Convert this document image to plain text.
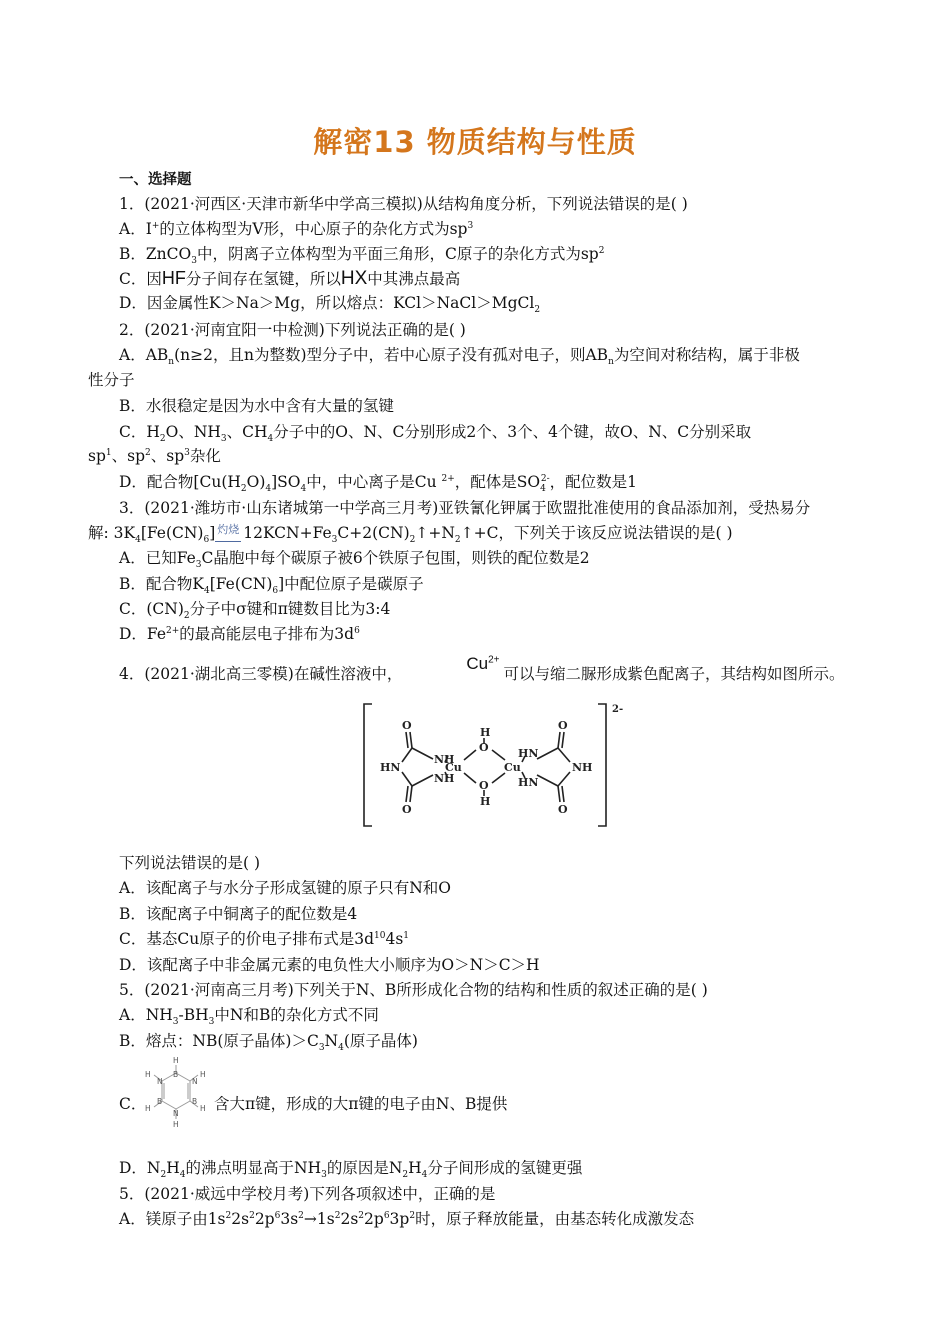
解密13 物质结构与性质
一、选择题
1．(2021·河西区·天津市新华中学高三模拟)从结构角度分析，下列说法错误的是( )
A．I+的立体构型为V形，中心原子的杂化方式为$sp^3$
B．ZnCO$_3$中，阴离子立体构型为平面三角形，C原子的杂化方式为$sp^2$
C．因HF分子间存在氢键，所以HX中其沸点最高
D．因金属性K＞Na＞Mg，所以熔点：KCl＞NaCl＞MgCl$_2$
2．(2021·河南宜阳一中检测)下列说法正确的是( )
A．$AB_n(n\ge 2$，且n为整数)型分子中，若中心原子没有孤对电子，则$AB_n$为空间对称结构，属于非极
性分子
B．水很稳定是因为水中含有大量的氢键
C．$H_2O$、$NH_3$、$CH_4$分子中的O、N、C分别形成2个、3个、4个键，故O、N、C分别采取
$sp^1$、$sp^2$、$sp^3$杂化
D．配合物$[Cu(H_2O)_4]SO_4$中，中心离子是Cu $^{2+}$，配体是$SO_4^{2-}$，配位数是1
3．(2021·潍坊市·山东诸城第一中学高三月考)亚铁氰化钾属于欧盟批准使用的食品添加剂，受热易分
解: $3K_4[Fe(CN)_6]$ 灼烧 $12KCN+Fe_3C+2(CN)_2↑+N_2↑+C$，下列关于该反应说法错误的是( )
A．已知$Fe_3C$晶胞中每个碳原子被6个铁原子包围，则铁的配位数是2
B．配合物$K_4[Fe(CN)_6]$中配位原子是碳原子
C．$(CN)_2$分子中σ键和π键数目比为3:4
D．$Fe^{2+}$的最高能层电子排布为$3d^6$
4．(2021·湖北高三零模)在碱性溶液中，$Cu^{2+}$可以与缩二脲形成紫色配离子，其结构如图所示。
2-
O
NH
HN
NH
O
H
O
Cu	Cu
O
H
HN
NH
HN
O
O
下列说法错误的是( )
A．该配离子与水分子形成氢键的原子只有N和O
B．该配离子中铜离子的配位数是4
C．基态Cu原子的价电子排布式是$3d^{10}4s^1$
D．该配离子中非金属元素的电负性大小顺序为O＞N＞C＞H
5．(2021·河南高三月考)下列关于N、B所形成化合物的结构和性质的叙述正确的是( )
A．$NH_3-BH_3$中N和B的杂化方式不同
B．熔点：NB(原子晶体)$>C_3N_4$(原子晶体)
C．
H
B
H
N	N
H
B	B
H	H
N
H
含大π键，形成的大π键的电子由N、B提供
D．$N_2H_4$的沸点明显高于$NH_3$的原因是$N_2H_4$分子间形成的氢键更强
5．(2021·威远中学校月考)下列各项叙述中，正确的是
A．镁原子由$1s^22s^22p^63s^2\to 1s^22s^22p^63p^2$时，原子释放能量，由基态转化成激发态
